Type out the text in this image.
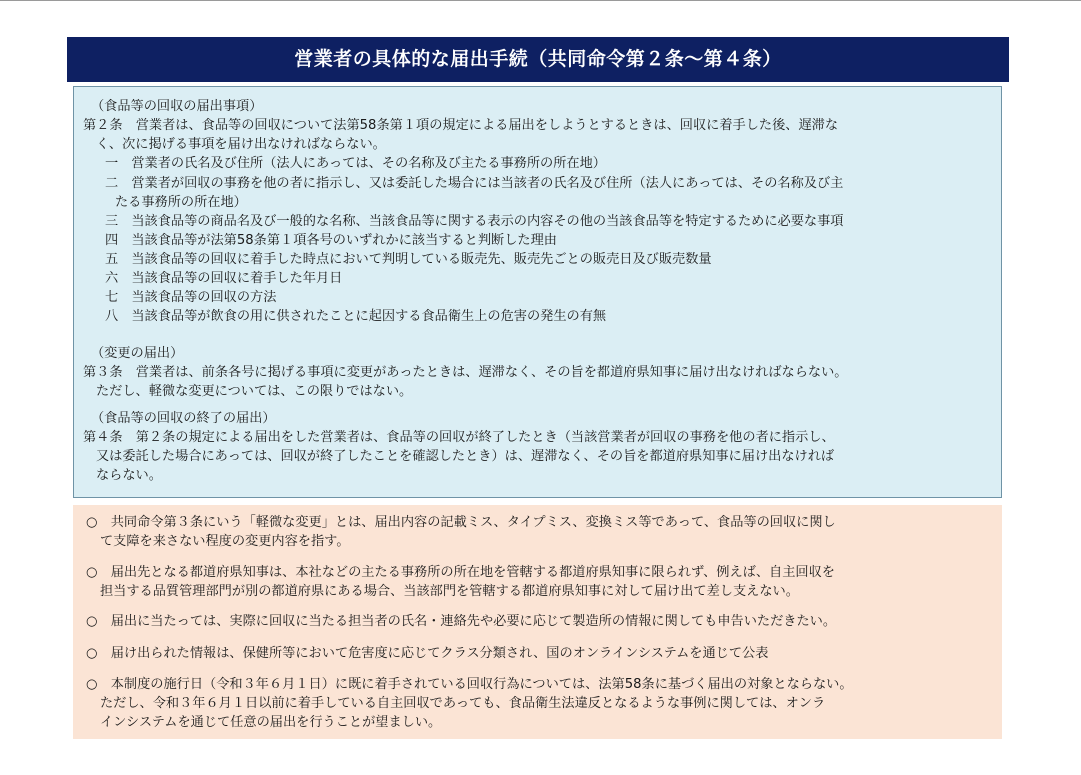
営業者の具体的な届出手続（共同命令第２条〜第４条）
（食品等の回収の届出事項）
第２条　営業者は、食品等の回収について法第58条第１項の規定による届出をしようとするときは、回収に着手した後、遅滞な
く、次に掲げる事項を届け出なければならない。
一　営業者の氏名及び住所（法人にあっては、その名称及び主たる事務所の所在地）
二　営業者が回収の事務を他の者に指示し、又は委託した場合には当該者の氏名及び住所（法人にあっては、その名称及び主
たる事務所の所在地）
三　当該食品等の商品名及び一般的な名称、当該食品等に関する表示の内容その他の当該食品等を特定するために必要な事項
四　当該食品等が法第58条第１項各号のいずれかに該当すると判断した理由
五　当該食品等の回収に着手した時点において判明している販売先、販売先ごとの販売日及び販売数量
六　当該食品等の回収に着手した年月日
七　当該食品等の回収の方法
八　当該食品等が飲食の用に供されたことに起因する食品衛生上の危害の発生の有無
（変更の届出）
第３条　営業者は、前条各号に掲げる事項に変更があったときは、遅滞なく、その旨を都道府県知事に届け出なければならない。
ただし、軽微な変更については、この限りではない。
（食品等の回収の終了の届出）
第４条　第２条の規定による届出をした営業者は、食品等の回収が終了したとき（当該営業者が回収の事務を他の者に指示し、
又は委託した場合にあっては、回収が終了したことを確認したとき）は、遅滞なく、その旨を都道府県知事に届け出なければ
ならない。
○　共同命令第３条にいう「軽微な変更」とは、届出内容の記載ミス、タイプミス、変換ミス等であって、食品等の回収に関し
て支障を来さない程度の変更内容を指す。
○　届出先となる都道府県知事は、本社などの主たる事務所の所在地を管轄する都道府県知事に限られず、例えば、自主回収を
担当する品質管理部門が別の都道府県にある場合、当該部門を管轄する都道府県知事に対して届け出て差し支えない。
○　届出に当たっては、実際に回収に当たる担当者の氏名・連絡先や必要に応じて製造所の情報に関しても申告いただきたい。
○　届け出られた情報は、保健所等において危害度に応じてクラス分類され、国のオンラインシステムを通じて公表
○　本制度の施行日（令和３年６月１日）に既に着手されている回収行為については、法第58条に基づく届出の対象とならない。
ただし、令和３年６月１日以前に着手している自主回収であっても、食品衛生法違反となるような事例に関しては、オンラ
インシステムを通じて任意の届出を行うことが望ましい。
